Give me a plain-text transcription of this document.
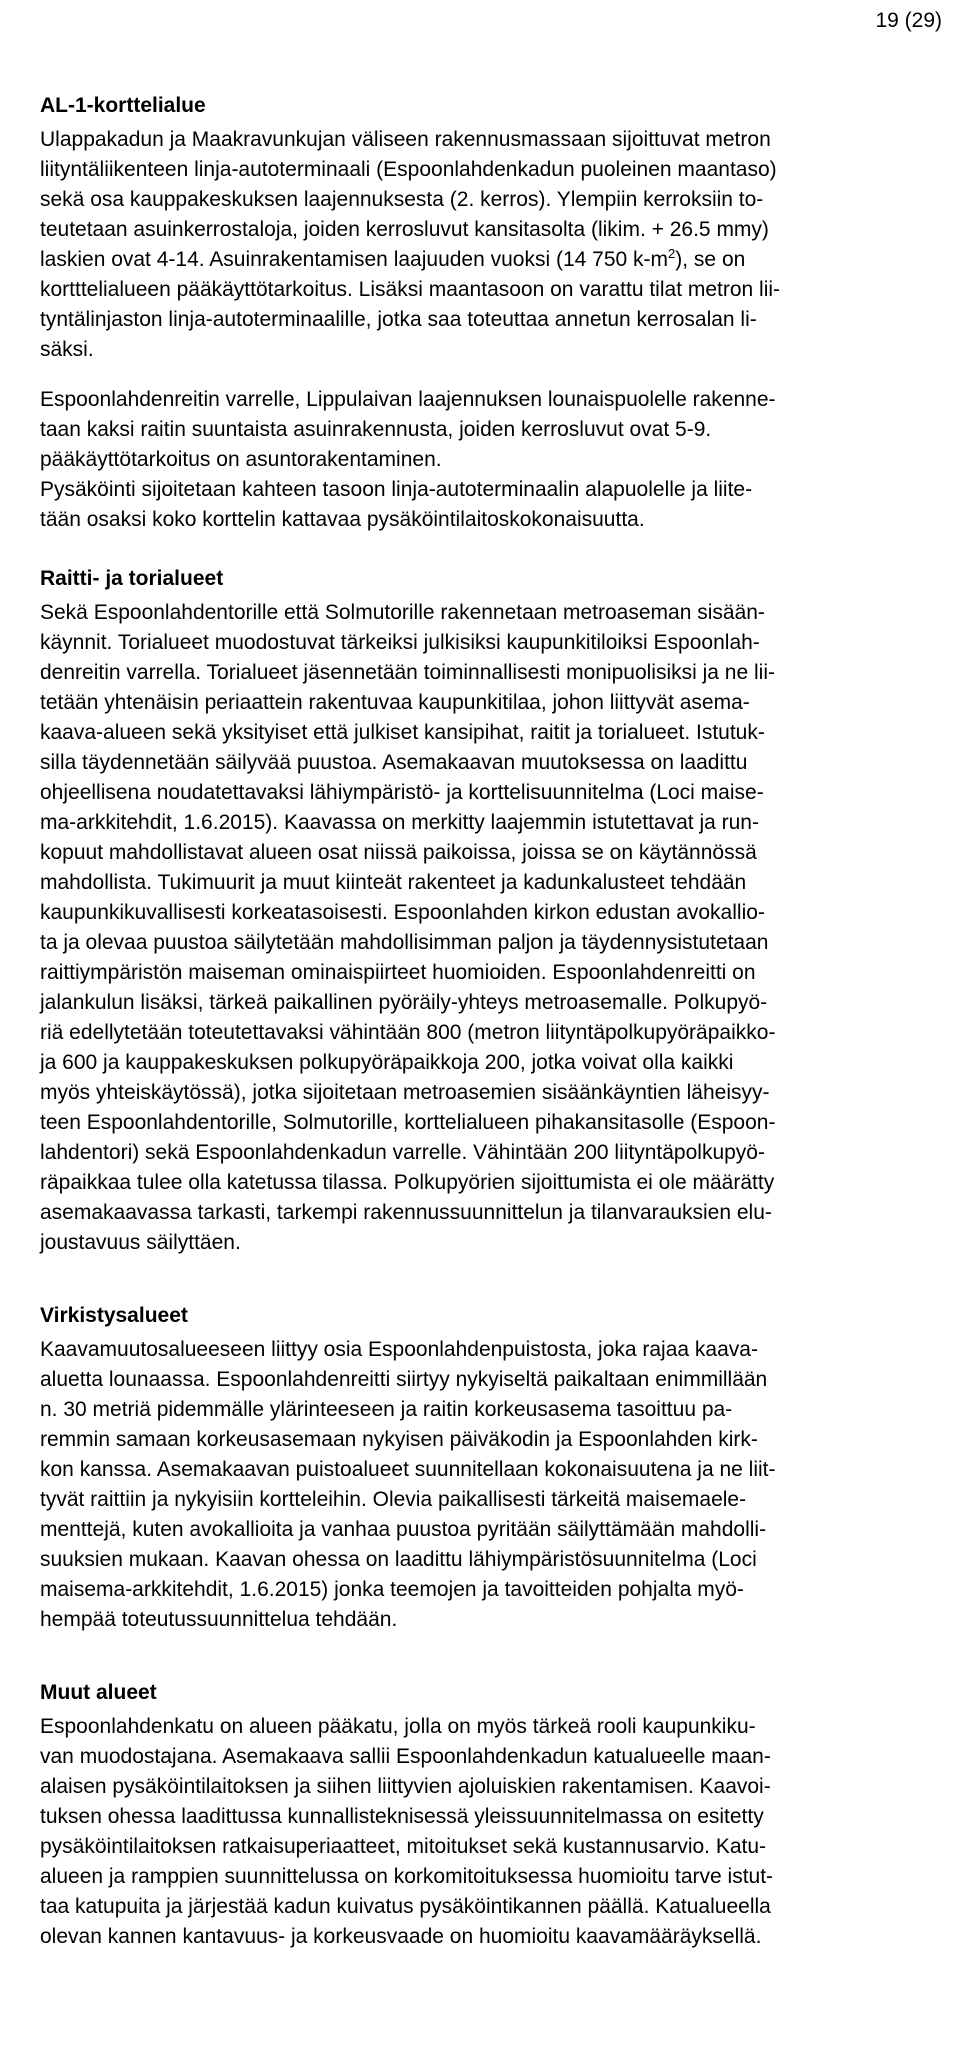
19 (29)
AL-1-korttelialue
Ulappakadun ja Maakravunkujan väliseen rakennusmassaan sijoittuvat metron
liityntäliikenteen linja-autoterminaali (Espoonlahdenkadun puoleinen maantaso)
sekä osa kauppakeskuksen laajennuksesta (2. kerros). Ylempiin kerroksiin to-
teutetaan asuinkerrostaloja, joiden kerrosluvut kansitasolta (likim. + 26.5 mmy)
laskien ovat 4-14. Asuinrakentamisen laajuuden vuoksi (14 750 $k-m^2$), se on
kortttelialueen pääkäyttötarkoitus. Lisäksi maantasoon on varattu tilat metron lii-
tyntälinjaston linja-autoterminaalille, jotka saa toteuttaa annetun kerrosalan li-
säksi.
Espoonlahdenreitin varrelle, Lippulaivan laajennuksen lounaispuolelle rakenne-
taan kaksi raitin suuntaista asuinrakennusta, joiden kerrosluvut ovat 5-9.
pääkäyttötarkoitus on asuntorakentaminen.
Pysäköinti sijoitetaan kahteen tasoon linja-autoterminaalin alapuolelle ja liite-
tään osaksi koko korttelin kattavaa pysäköintilaitoskokonaisuutta.
Raitti- ja torialueet
Sekä Espoonlahdentorille että Solmutorille rakennetaan metroaseman sisään-
käynnit. Torialueet muodostuvat tärkeiksi julkisiksi kaupunkitiloiksi Espoonlah-
denreitin varrella. Torialueet jäsennetään toiminnallisesti monipuolisiksi ja ne lii-
tetään yhtenäisin periaattein rakentuvaa kaupunkitilaa, johon liittyvät asema-
kaava-alueen sekä yksityiset että julkiset kansipihat, raitit ja torialueet. Istutuk-
silla täydennetään säilyvää puustoa. Asemakaavan muutoksessa on laadittu
ohjeellisena noudatettavaksi lähiympäristö- ja korttelisuunnitelma (Loci maise-
ma-arkkitehdit, 1.6.2015). Kaavassa on merkitty laajemmin istutettavat ja run-
kopuut mahdollistavat alueen osat niissä paikoissa, joissa se on käytännössä
mahdollista. Tukimuurit ja muut kiinteät rakenteet ja kadunkalusteet tehdään
kaupunkikuvallisesti korkeatasoisesti. Espoonlahden kirkon edustan avokallio-
ta ja olevaa puustoa säilytetään mahdollisimman paljon ja täydennysistutetaan
raittiympäristön maiseman ominaispiirteet huomioiden. Espoonlahdenreitti on
jalankulun lisäksi, tärkeä paikallinen pyöräily-yhteys metroasemalle. Polkupyö-
riä edellytetään toteutettavaksi vähintään 800 (metron liityntäpolkupyöräpaikko-
ja 600 ja kauppakeskuksen polkupyöräpaikkoja 200, jotka voivat olla kaikki
myös yhteiskäytössä), jotka sijoitetaan metroasemien sisäänkäyntien läheisyy-
teen Espoonlahdentorille, Solmutorille, korttelialueen pihakansitasolle (Espoon-
lahdentori) sekä Espoonlahdenkadun varrelle. Vähintään 200 liityntäpolkupyö-
räpaikkaa tulee olla katetussa tilassa. Polkupyörien sijoittumista ei ole määrätty
asemakaavassa tarkasti, tarkempi rakennussuunnittelun ja tilanvarauksien elu-
joustavuus säilyttäen.
Virkistysalueet
Kaavamuutosalueeseen liittyy osia Espoonlahdenpuistosta, joka rajaa kaava-
aluetta lounaassa. Espoonlahdenreitti siirtyy nykyiseltä paikaltaan enimmillään
n. 30 metriä pidemmälle ylärinteeseen ja raitin korkeusasema tasoittuu pa-
remmin samaan korkeusasemaan nykyisen päiväkodin ja Espoonlahden kirk-
kon kanssa. Asemakaavan puistoalueet suunnitellaan kokonaisuutena ja ne liit-
tyvät raittiin ja nykyisiin kortteleihin. Olevia paikallisesti tärkeitä maisemaele-
menttejä, kuten avokallioita ja vanhaa puustoa pyritään säilyttämään mahdolli-
suuksien mukaan. Kaavan ohessa on laadittu lähiympäristösuunnitelma (Loci
maisema-arkkitehdit, 1.6.2015) jonka teemojen ja tavoitteiden pohjalta myö-
hempää toteutussuunnittelua tehdään.
Muut alueet
Espoonlahdenkatu on alueen pääkatu, jolla on myös tärkeä rooli kaupunkiku-
van muodostajana. Asemakaava sallii Espoonlahdenkadun katualueelle maan-
alaisen pysäköintilaitoksen ja siihen liittyvien ajoluiskien rakentamisen. Kaavoi-
tuksen ohessa laadittussa kunnallisteknisessä yleissuunnitelmassa on esitetty
pysäköintilaitoksen ratkaisuperiaatteet, mitoitukset sekä kustannusarvio. Katu-
alueen ja ramppien suunnittelussa on korkomitoituksessa huomioitu tarve istut-
taa katupuita ja järjestää kadun kuivatus pysäköintikannen päällä. Katualueella
olevan kannen kantavuus- ja korkeusvaade on huomioitu kaavamääräyksellä.
